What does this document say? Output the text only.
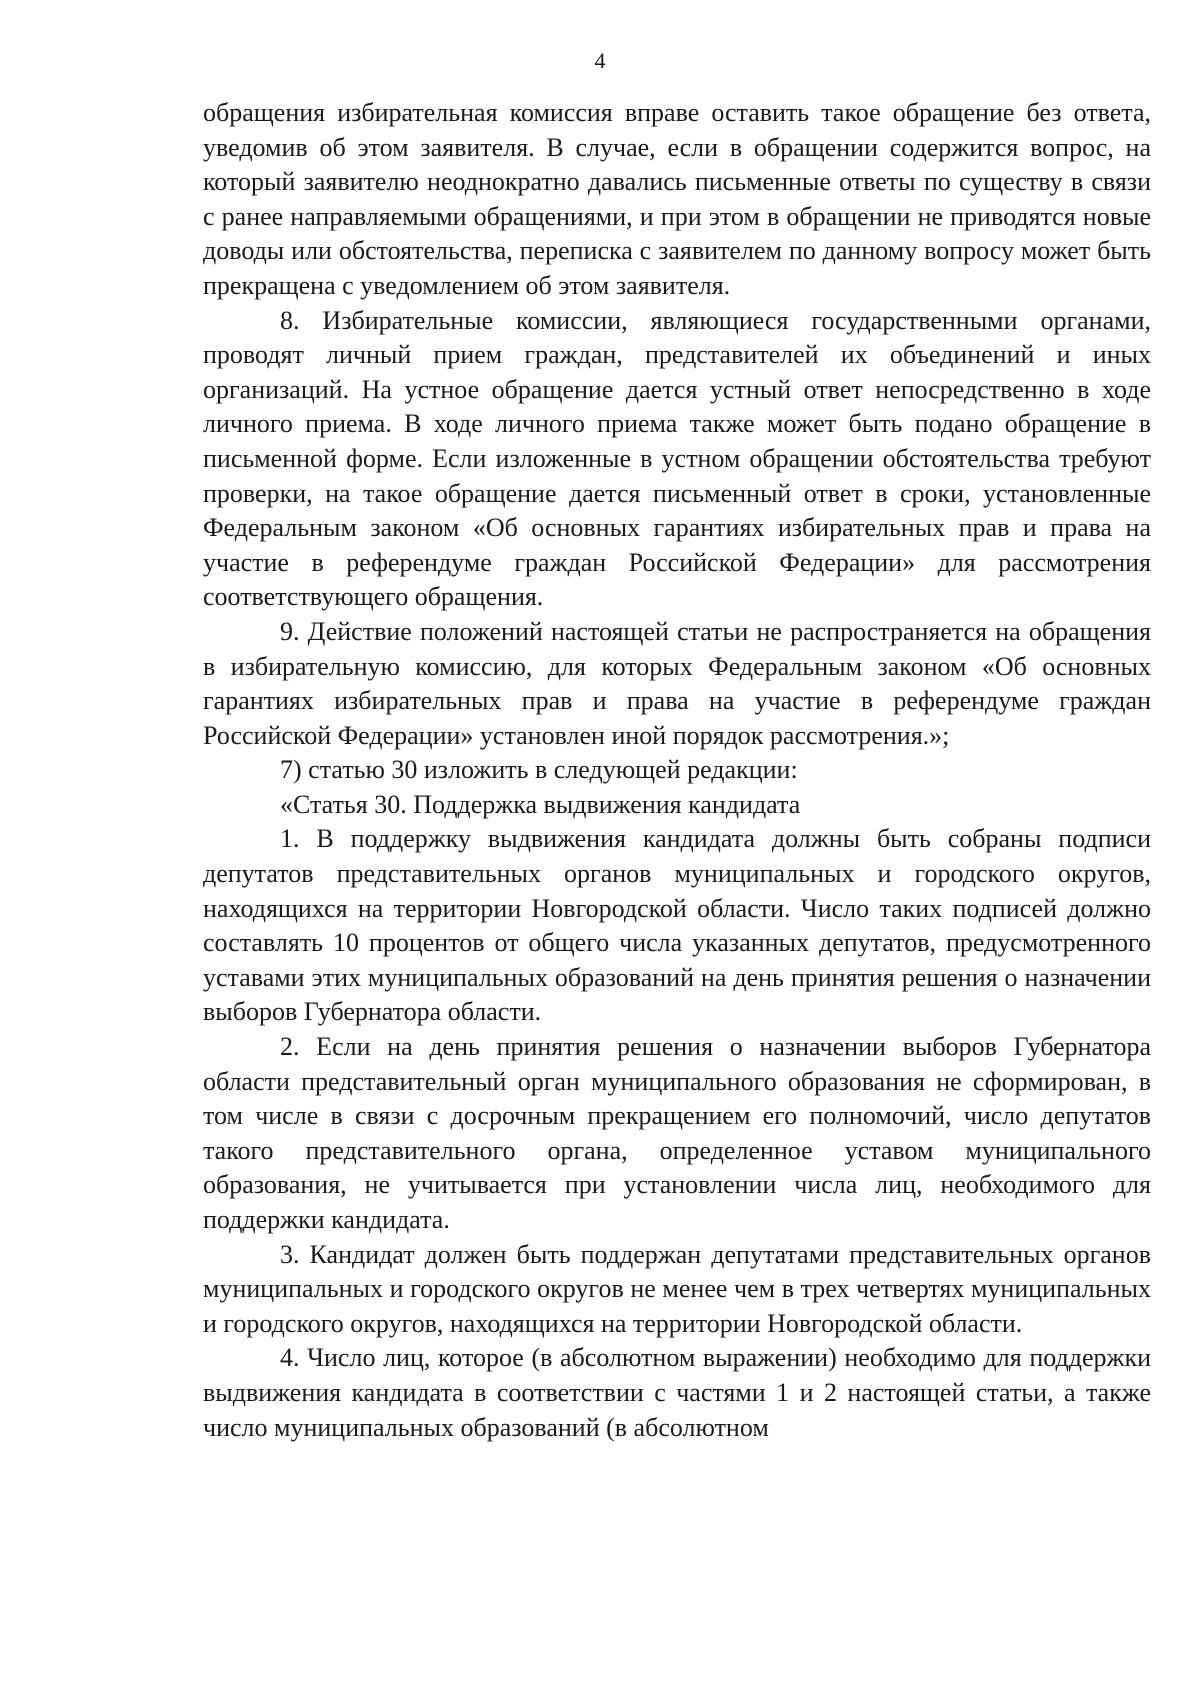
4

обращения избирательная комиссия вправе оставить такое обращение без ответа, уведомив об этом заявителя. В случае, если в обращении содержится вопрос, на который заявителю неоднократно давались письменные ответы по существу в связи с ранее направляемыми обращениями, и при этом в обращении не приводятся новые доводы или обстоятельства, переписка с заявителем по данному вопросу может быть прекращена с уведомлением об этом заявителя.

8. Избирательные комиссии, являющиеся государственными органами, проводят личный прием граждан, представителей их объединений и иных организаций. На устное обращение дается устный ответ непосредственно в ходе личного приема. В ходе личного приема также может быть подано обращение в письменной форме. Если изложенные в устном обращении обстоятельства требуют проверки, на такое обращение дается письменный ответ в сроки, установленные Федеральным законом «Об основных гарантиях избирательных прав и права на участие в референдуме граждан Российской Федерации» для рассмотрения соответствующего обращения.

9. Действие положений настоящей статьи не распространяется на обращения в избирательную комиссию, для которых Федеральным законом «Об основных гарантиях избирательных прав и права на участие в референдуме граждан Российской Федерации» установлен иной порядок рассмотрения.»;

7) статью 30 изложить в следующей редакции:

«Статья 30. Поддержка выдвижения кандидата

1. В поддержку выдвижения кандидата должны быть собраны подписи депутатов представительных органов муниципальных и городского округов, находящихся на территории Новгородской области. Число таких подписей должно составлять 10 процентов от общего числа указанных депутатов, предусмотренного уставами этих муниципальных образований на день принятия решения о назначении выборов Губернатора области.

2. Если на день принятия решения о назначении выборов Губернатора области представительный орган муниципального образования не сформирован, в том числе в связи с досрочным прекращением его полномочий, число депутатов такого представительного органа, определенное уставом муниципального образования, не учитывается при установлении числа лиц, необходимого для поддержки кандидата.

3. Кандидат должен быть поддержан депутатами представительных органов муниципальных и городского округов не менее чем в трех четвертях муниципальных и городского округов, находящихся на территории Новгородской области.

4. Число лиц, которое (в абсолютном выражении) необходимо для поддержки выдвижения кандидата в соответствии с частями 1 и 2 настоящей статьи, а также число муниципальных образований (в абсолютном
